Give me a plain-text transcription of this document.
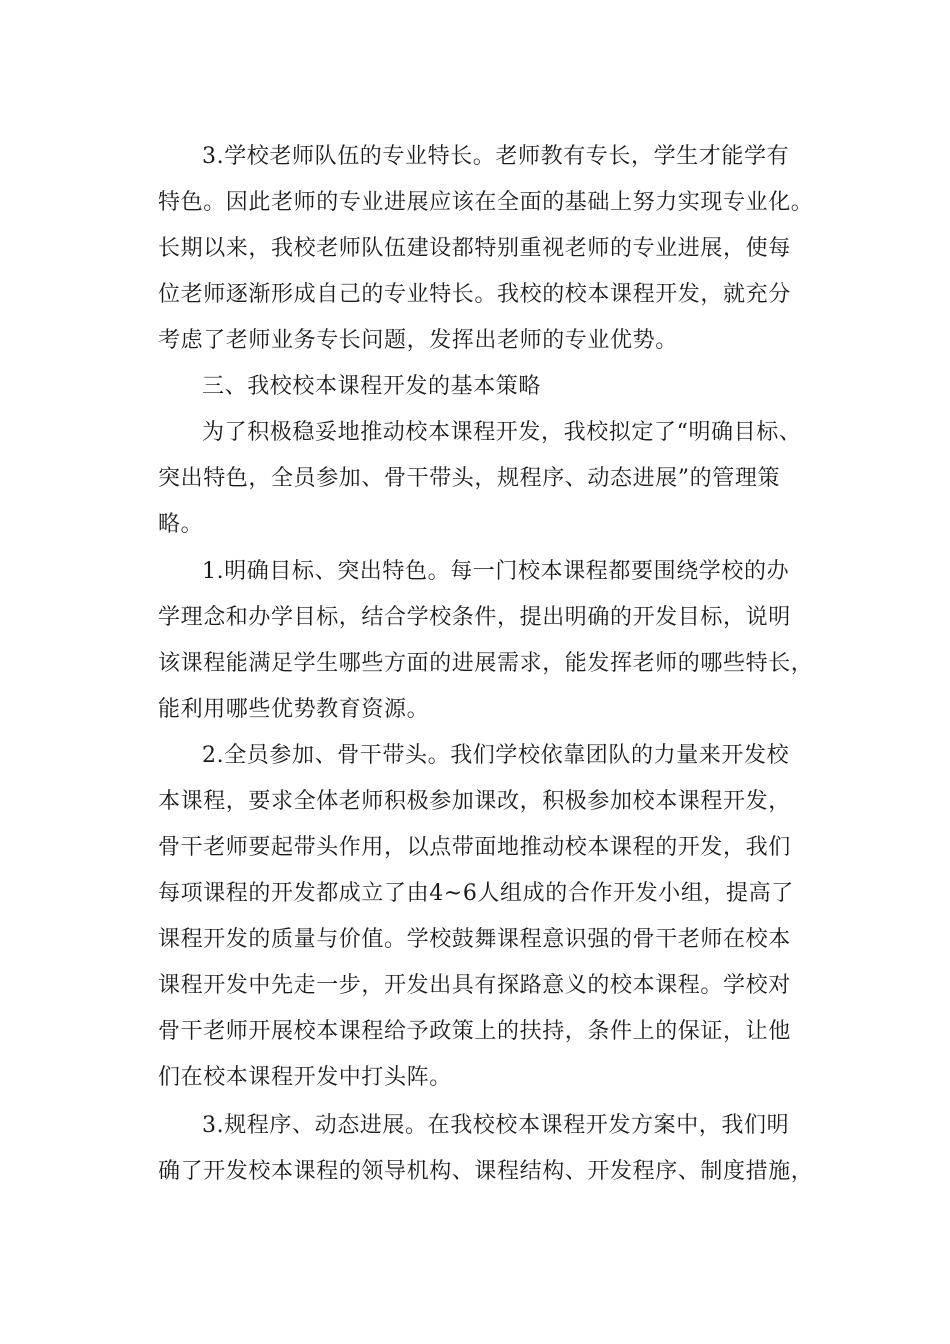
3.学校老师队伍的专业特长。老师教有专长，学生才能学有
特色。因此老师的专业进展应该在全面的基础上努力实现专业化。
长期以来，我校老师队伍建设都特别重视老师的专业进展，使每
位老师逐渐形成自己的专业特长。我校的校本课程开发，就充分
考虑了老师业务专长问题，发挥出老师的专业优势。
三、我校校本课程开发的基本策略
为了积极稳妥地推动校本课程开发，我校拟定了“明确目标、
突出特色，全员参加、骨干带头，规程序、动态进展”的管理策
略。
1.明确目标、突出特色。每一门校本课程都要围绕学校的办
学理念和办学目标，结合学校条件，提出明确的开发目标，说明
该课程能满足学生哪些方面的进展需求，能发挥老师的哪些特长，
能利用哪些优势教育资源。
2.全员参加、骨干带头。我们学校依靠团队的力量来开发校
本课程，要求全体老师积极参加课改，积极参加校本课程开发，
骨干老师要起带头作用，以点带面地推动校本课程的开发，我们
每项课程的开发都成立了由4~6人组成的合作开发小组，提高了
课程开发的质量与价值。学校鼓舞课程意识强的骨干老师在校本
课程开发中先走一步，开发出具有探路意义的校本课程。学校对
骨干老师开展校本课程给予政策上的扶持，条件上的保证，让他
们在校本课程开发中打头阵。
3.规程序、动态进展。在我校校本课程开发方案中，我们明
确了开发校本课程的领导机构、课程结构、开发程序、制度措施，
